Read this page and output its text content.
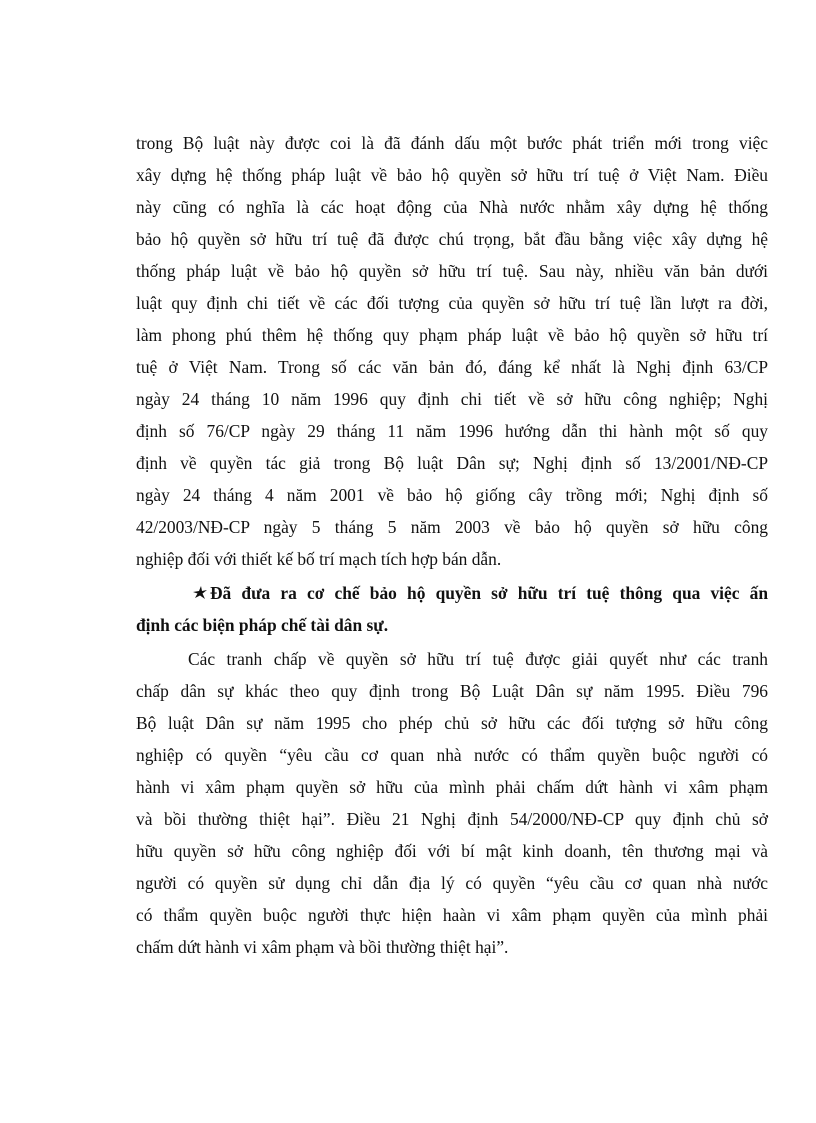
trong Bộ luật này được coi là đã đánh dấu một bước phát triển mới trong việc
xây dựng hệ thống pháp luật về bảo hộ quyền sở hữu trí tuệ ở Việt Nam. Điều
này cũng có nghĩa là các hoạt động của Nhà nước nhằm xây dựng hệ thống
bảo hộ quyền sở hữu trí tuệ đã được chú trọng, bắt đầu bằng việc xây dựng hệ
thống pháp luật về bảo hộ quyền sở hữu trí tuệ. Sau này, nhiều văn bản dưới
luật quy định chi tiết về các đối tượng của quyền sở hữu trí tuệ lần lượt ra đời,
làm phong phú thêm hệ thống quy phạm pháp luật về bảo hộ quyền sở hữu trí
tuệ ở Việt Nam. Trong số các văn bản đó, đáng kể nhất là Nghị định 63/CP
ngày 24 tháng 10 năm 1996 quy định chi tiết về sở hữu công nghiệp; Nghị
định số 76/CP ngày 29 tháng 11 năm 1996 hướng dẫn thi hành một số quy
định về quyền tác giả trong Bộ luật Dân sự; Nghị định số 13/2001/NĐ-CP
ngày 24 tháng 4 năm 2001 về bảo hộ giống cây trồng mới; Nghị định số
42/2003/NĐ-CP ngày 5 tháng 5 năm 2003 về bảo hộ quyền sở hữu công
nghiệp đối với thiết kế bố trí mạch tích hợp bán dẫn.
Đã đưa ra cơ chế bảo hộ quyền sở hữu trí tuệ thông qua việc ấn
định các biện pháp chế tài dân sự.
Các tranh chấp về quyền sở hữu trí tuệ được giải quyết như các tranh
chấp dân sự khác theo quy định trong Bộ Luật Dân sự năm 1995. Điều 796
Bộ luật Dân sự năm 1995 cho phép chủ sở hữu các đối tượng sở hữu công
nghiệp có quyền “yêu cầu cơ quan nhà nước có thẩm quyền buộc người có
hành vi xâm phạm quyền sở hữu của mình phải chấm dứt hành vi xâm phạm
và bồi thường thiệt hại”. Điều 21 Nghị định 54/2000/NĐ-CP quy định chủ sở
hữu quyền sở hữu công nghiệp đối với bí mật kinh doanh, tên thương mại và
người có quyền sử dụng chỉ dẫn địa lý có quyền “yêu cầu cơ quan nhà nước
có thẩm quyền buộc người thực hiện haàn vi xâm phạm quyền của mình phải
chấm dứt hành vi xâm phạm và bồi thường thiệt hại”.
